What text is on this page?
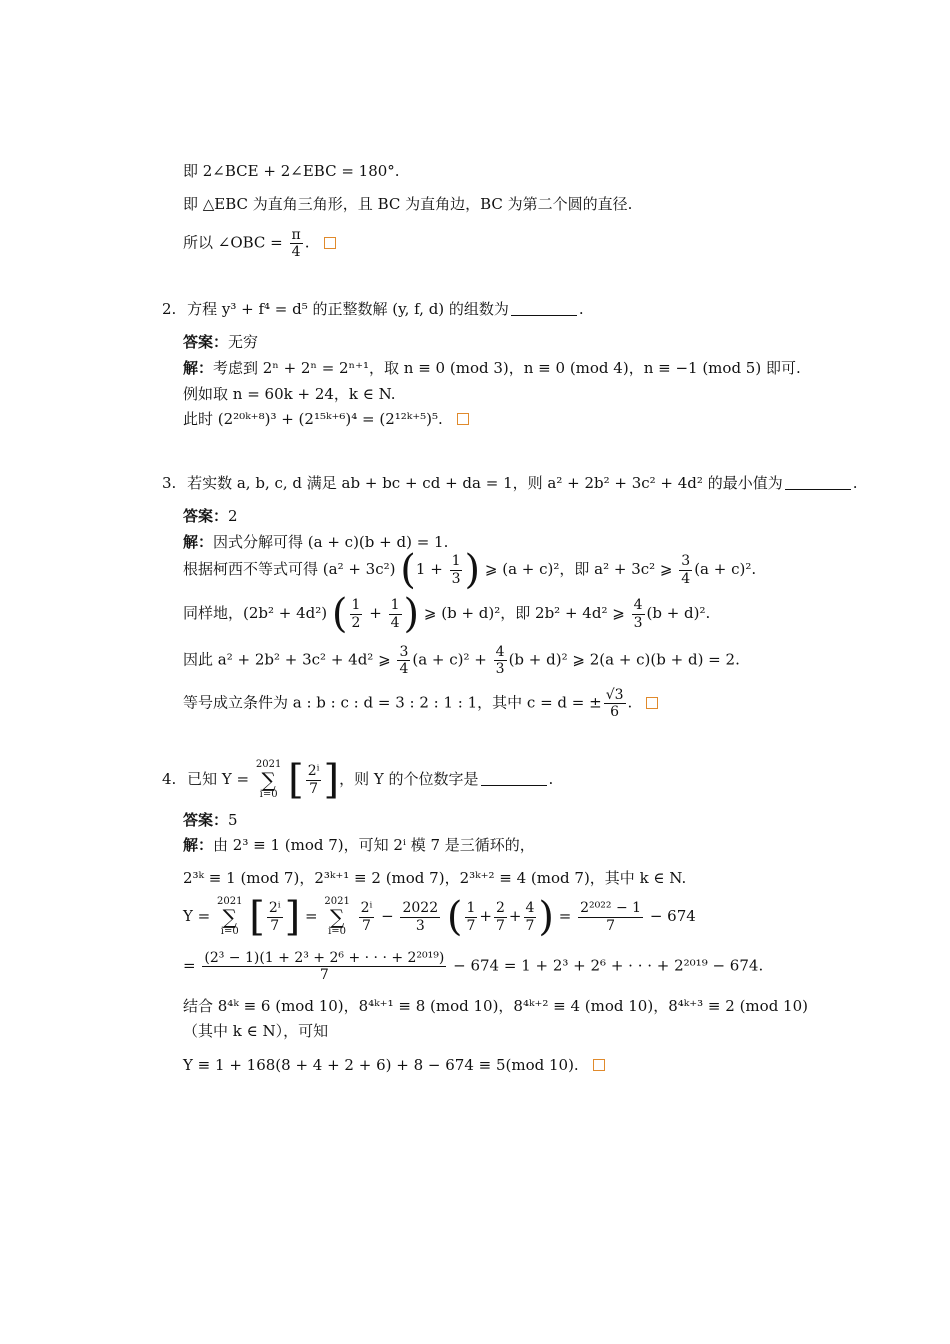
即 2∠BCE + 2∠EBC = 180°.
即 △EBC 为直角三角形，且 BC 为直角边，BC 为第二个圆的直径.
所以 ∠OBC = $\frac{\pi}{4}$ .
2. 方程 y³ + f⁴ = d⁵ 的正整数解 (y, f, d) 的组数为	.
答案：无穷
解：考虑到 2ⁿ + 2ⁿ = 2ⁿ⁺¹，取 n ≡ 0 (mod 3)，n ≡ 0 (mod 4)，n ≡ −1 (mod 5) 即可.
例如取 n = 60k + 24，k ∈ N.
此时 (2²⁰ᵏ⁺⁸)³ + (2¹⁵ᵏ⁺⁶)⁴ = (2¹²ᵏ⁺⁵)⁵.
3. 若实数 a, b, c, d 满足 ab + bc + cd + da = 1，则 a² + 2b² + 3c² + 4d² 的最小值为	.
答案：2
解：因式分解可得 (a + c)(b + d) = 1.
根据柯西不等式可得 (a² + 3c²) ($1 + \frac{1}{3}$ ) ⩾ (a + c)²，即 a² + 3c² ⩾ $\frac{3}{4} (a + c)^2$.
同样地，(2b² + 4d²) ( $\frac{1}{2} + \frac{1}{4}$ ) ⩾ (b + d)²，即 2b² + 4d² ⩾ $\frac{4}{3} (b + d)^2$.
因此 a² + 2b² + 3c² + 4d² ⩾ $\frac{3}{4} (a + c)^2 + \frac{4}{3} (b + d)^2$ ⩾ 2(a + c)(b + d) = 2.
等号成立条件为 a : b : c : d = 3 : 2 : 1 : 1，其中 c = d = ± $\frac{√3}{6}$ .
4. 已知 Y =
2021
∑
i=0 [ $\frac{\text{2ⁱ}}{7}$ ]，则 Y 的个位数字是	.
答案：5
解：由 2³ ≡ 1 (mod 7)，可知 2ⁱ 模 7 是三循环的，
2³ᵏ ≡ 1 (mod 7)，2³ᵏ⁺¹ ≡ 2 (mod 7)，2³ᵏ⁺² ≡ 4 (mod 7)，其中 k ∈ N.
Y =
2021
∑
i=0 [ $\frac{\text{2ⁱ}}{7}$ ] =
2021
∑
i=0
$\frac{\text{2ⁱ}}{7} - \frac{2022}{3}$ ( $\frac{1}{7} + \frac{2}{7} + \frac{4}{7}$ ) = $\frac{\text{2²⁰²² − 1}}{7} - 674$
= $\frac{\text{(2³ − 1)(1 + 2³ + 2⁶ + · · · + 2²⁰¹⁹)}}{7} - 674 = 1 + 2^3 + 2^6$ + · · · + 2²⁰¹⁹ − 674.
结合 8⁴ᵏ ≡ 6 (mod 10)，8⁴ᵏ⁺¹ ≡ 8 (mod 10)，8⁴ᵏ⁺² ≡ 4 (mod 10)，8⁴ᵏ⁺³ ≡ 2 (mod 10)
（其中 k ∈ N），可知
Y ≡ 1 + 168(8 + 4 + 2 + 6) + 8 − 674 ≡ 5(mod 10).
